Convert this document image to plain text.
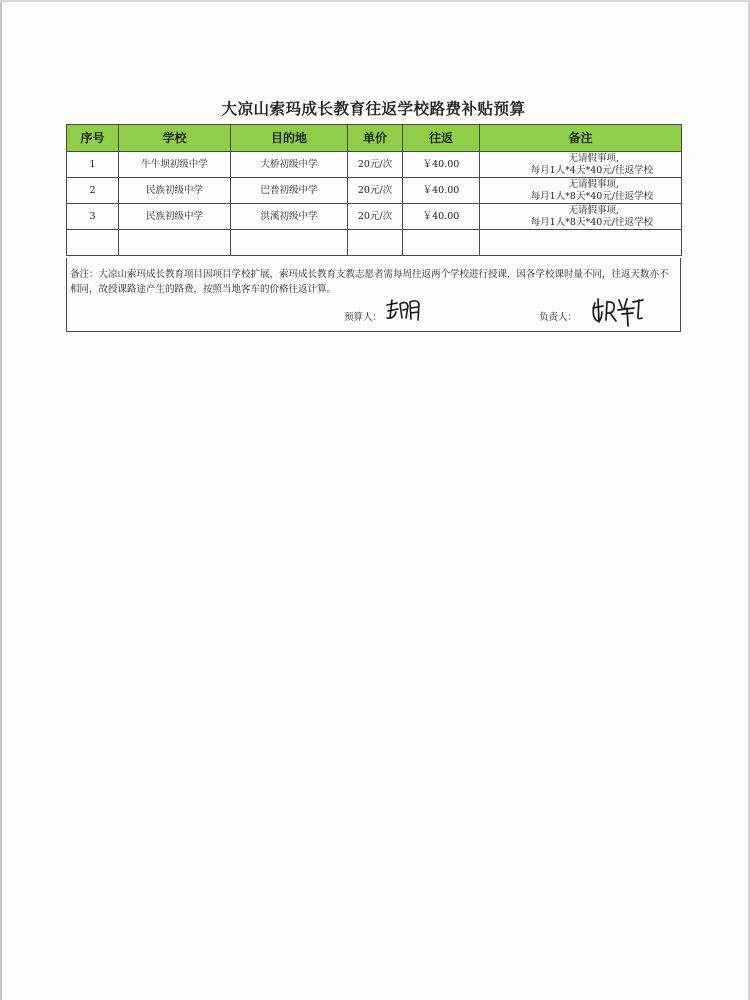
大凉山索玛成长教育往返学校路费补贴预算
序号	学校	目的地	单价	往返	备注
1	牛牛坝初级中学	大桥初级中学	20元/次	￥40.00	无请假事项,
每月1人*4天*40元/往返学校

2	民族初级中学	巴普初级中学	20元/次	￥40.00	无请假事项,
每月1人*8天*40元/往返学校

3	民族初级中学	洪溪初级中学	20元/次	￥40.00	无请假事项,
每月1人*8天*40元/往返学校

备注：大凉山索玛成长教育项目因项目学校扩展，索玛成长教育支教志愿者需每周往返两个学校进行授课，因各学校课时量不同，往返天数亦不相同，故授课路途产生的路费，按照当地客车的价格往返计算。
预算人：	负责人：
